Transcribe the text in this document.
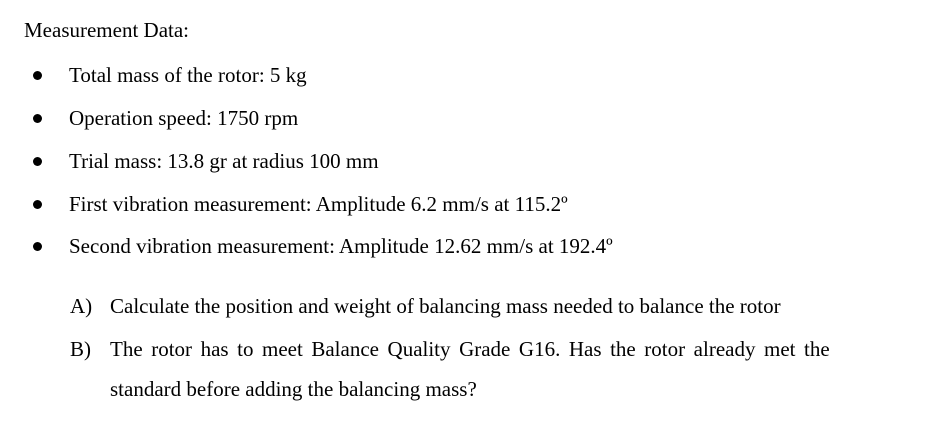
Measurement Data:
Total mass of the rotor: 5 kg
Operation speed: 1750 rpm
Trial mass: 13.8 gr at radius 100 mm
First vibration measurement: Amplitude 6.2 mm/s at 115.2º
Second vibration measurement: Amplitude 12.62 mm/s at 192.4º
A) Calculate the position and weight of balancing mass needed to balance the rotor
B) The rotor has to meet Balance Quality Grade G16. Has the rotor already met the
standard before adding the balancing mass?
